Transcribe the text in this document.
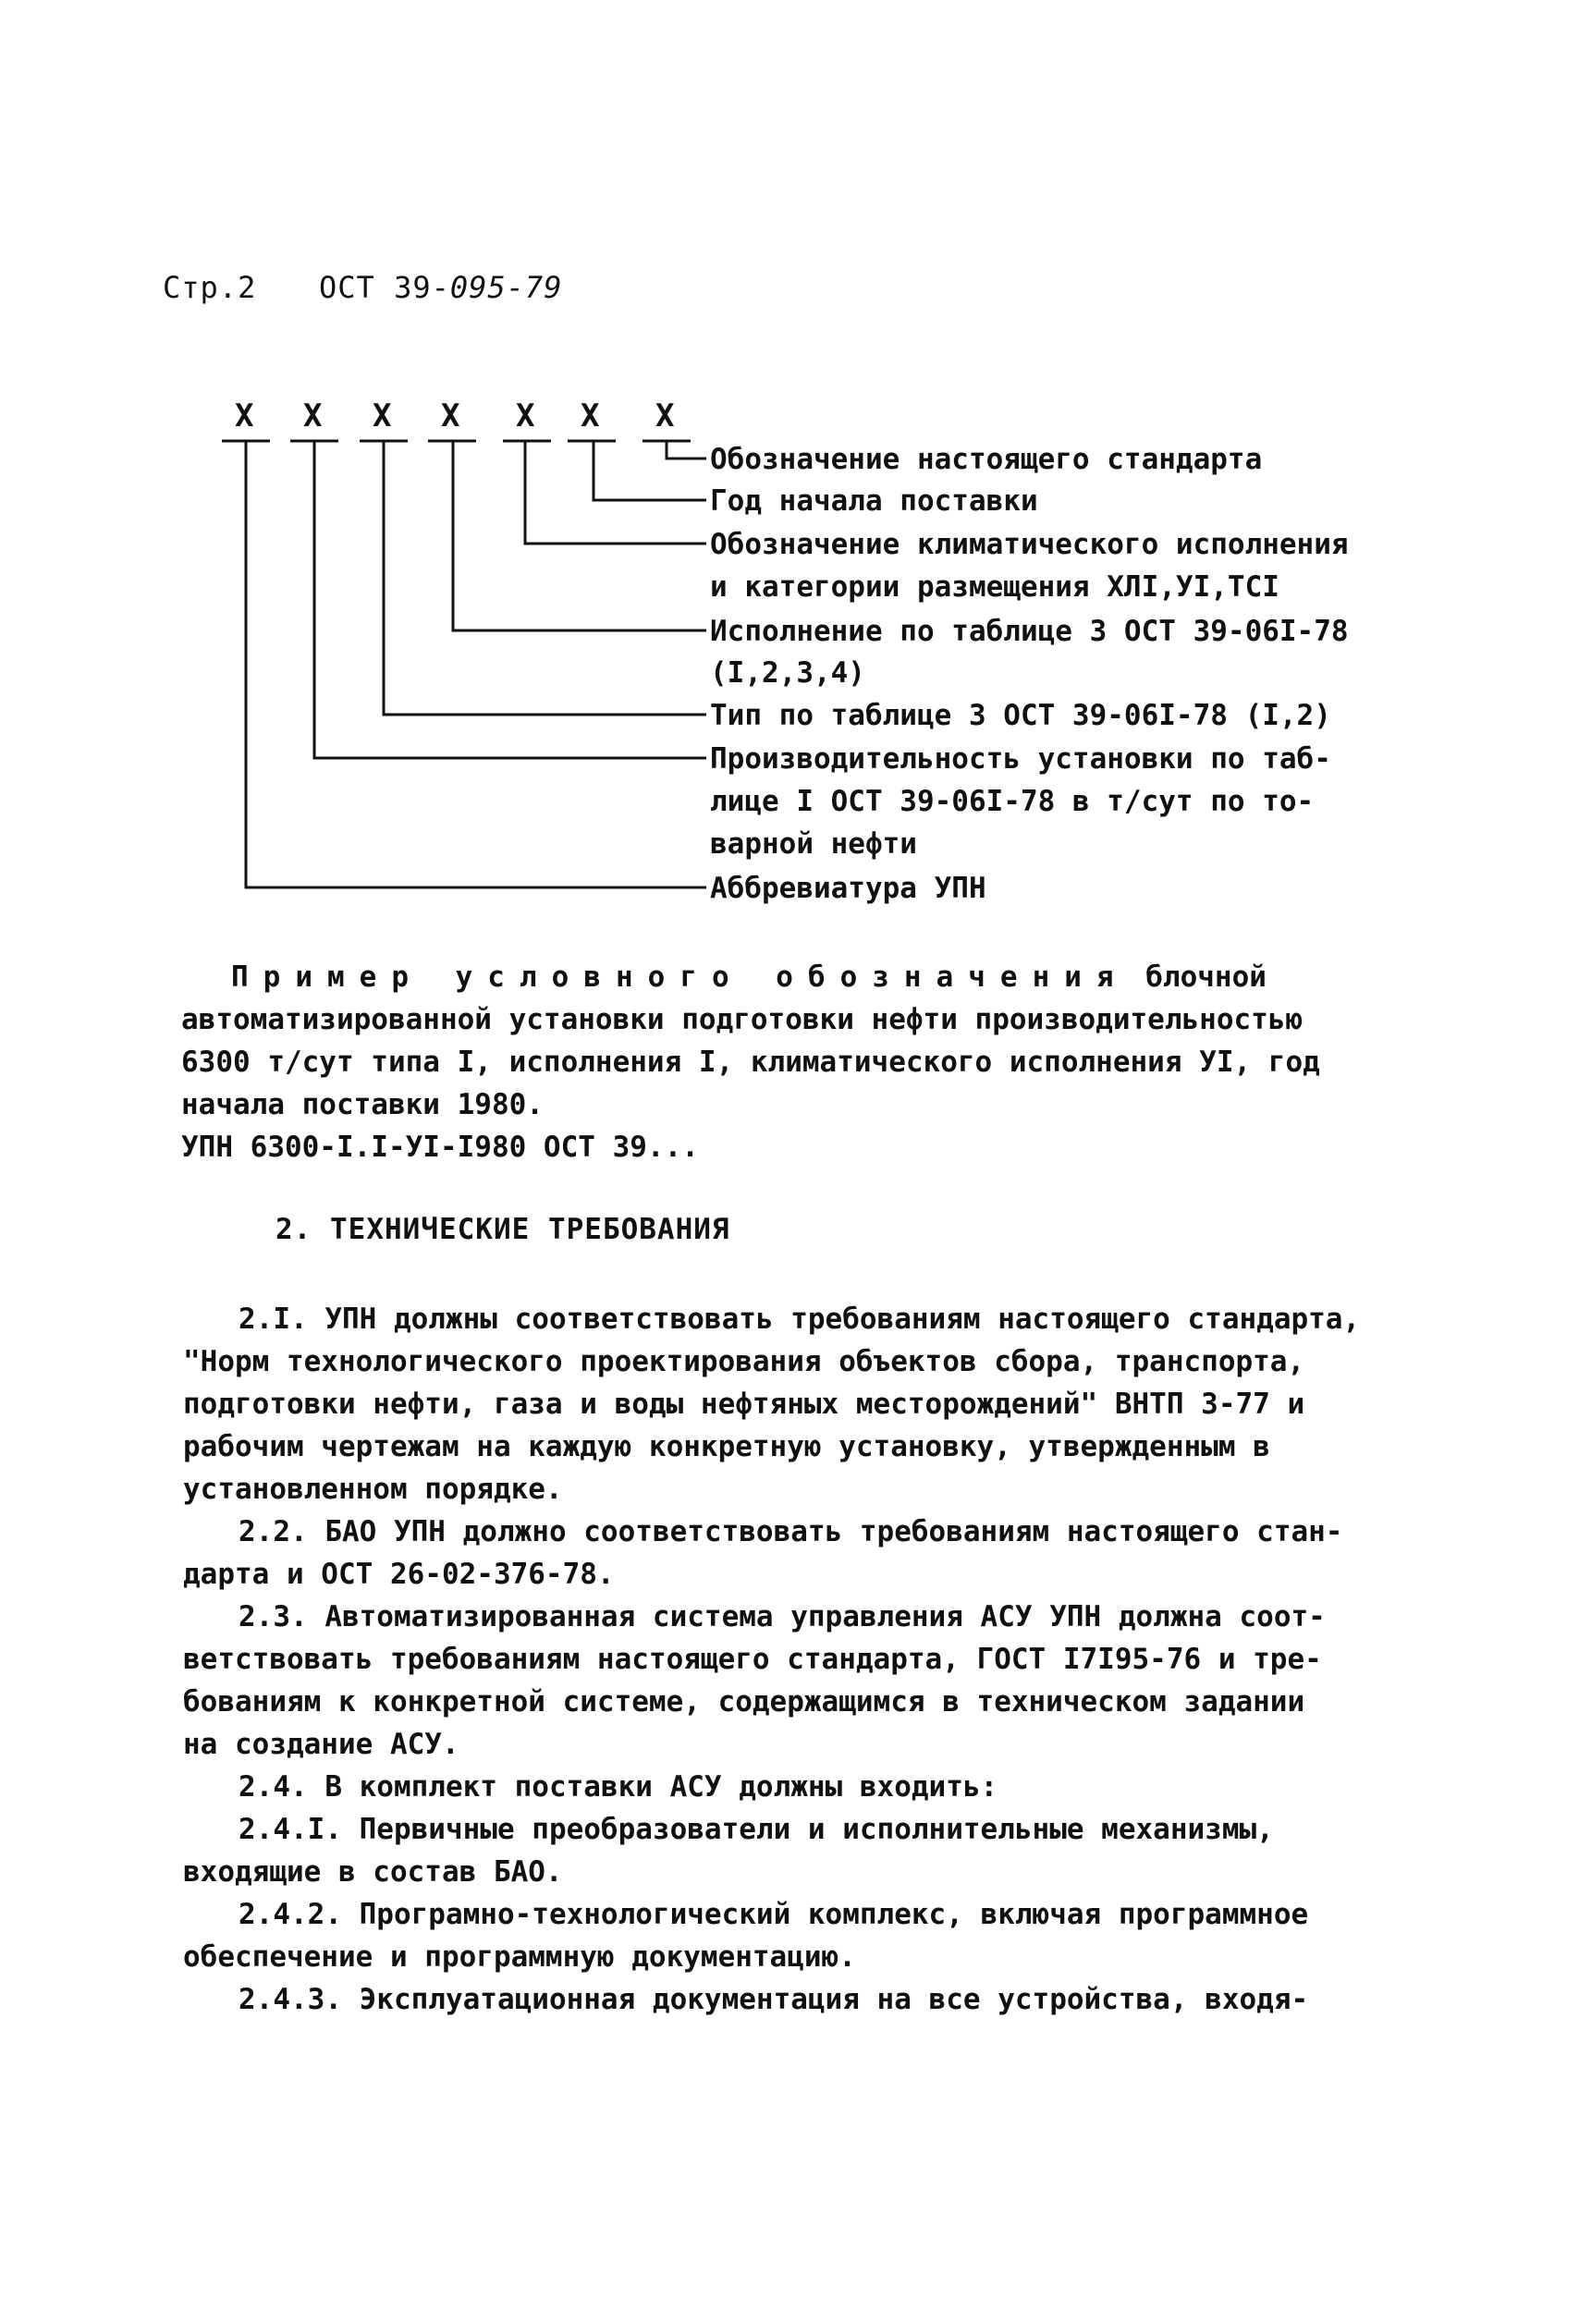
Стр.2 ОСТ 39-095-79
Х Х Х Х Х Х Х
Обозначение настоящего стандарта
Год начала поставки
Обозначение климатического исполнения
и категории размещения ХЛI,УI,ТСI
Исполнение по таблице 3 ОСТ 39-06I-78
(I,2,3,4)
Тип по таблице 3 ОСТ 39-06I-78 (I,2)
Производительность установки по таб-
лице I ОСТ 39-06I-78 в т/сут по то-
варной нефти
Аббревиатура УПН
Пример условного обозначения блочной
автоматизированной установки подготовки нефти производительностью
6300 т/сут типа I, исполнения I, климатического исполнения УI, год
начала поставки 1980.
УПН 6300-I.I-УI-I980 ОСТ 39...
2. ТЕХНИЧЕСКИЕ ТРЕБОВАНИЯ
2.I. УПН должны соответствовать требованиям настоящего стандарта,
"Норм технологического проектирования объектов сбора, транспорта,
подготовки нефти, газа и воды нефтяных месторождений" ВНТП 3-77 и
рабочим чертежам на каждую конкретную установку, утвержденным в
установленном порядке.
2.2. БАО УПН должно соответствовать требованиям настоящего стан-
дарта и ОСТ 26-02-376-78.
2.3. Автоматизированная система управления АСУ УПН должна соот-
ветствовать требованиям настоящего стандарта, ГОСТ I7I95-76 и тре-
бованиям к конкретной системе, содержащимся в техническом задании
на создание АСУ.
2.4. В комплект поставки АСУ должны входить:
2.4.I. Первичные преобразователи и исполнительные механизмы,
входящие в состав БАО.
2.4.2. Програмно-технологический комплекс, включая программное
обеспечение и программную документацию.
2.4.3. Эксплуатационная документация на все устройства, входя-
